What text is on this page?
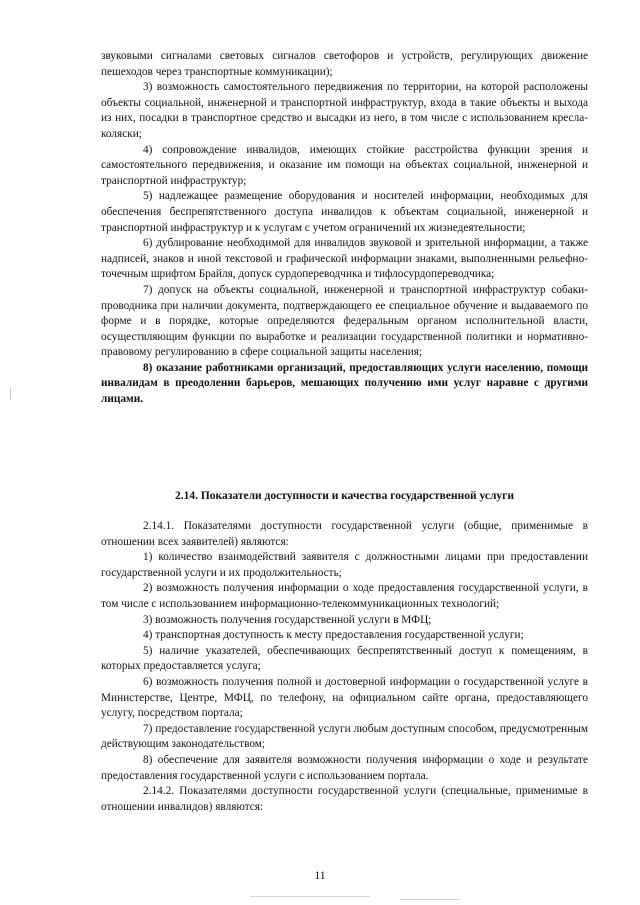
звуковыми сигналами световых сигналов светофоров и устройств, регулирующих движение пешеходов через транспортные коммуникации);

3) возможность самостоятельного передвижения по территории, на которой расположены объекты социальной, инженерной и транспортной инфраструктур, входа в такие объекты и выхода из них, посадки в транспортное средство и высадки из него, в том числе с использованием кресла-коляски;

4) сопровождение инвалидов, имеющих стойкие расстройства функции зрения и самостоятельного передвижения, и оказание им помощи на объектах социальной, инженерной и транспортной инфраструктур;

5) надлежащее размещение оборудования и носителей информации, необходимых для обеспечения беспрепятственного доступа инвалидов к объектам социальной, инженерной и транспортной инфраструктур и к услугам с учетом ограничений их жизнедеятельности;

6) дублирование необходимой для инвалидов звуковой и зрительной информации, а также надписей, знаков и иной текстовой и графической информации знаками, выполненными рельефно-точечным шрифтом Брайля, допуск сурдопереводчика и тифлосурдопереводчика;

7) допуск на объекты социальной, инженерной и транспортной инфраструктур собаки-проводника при наличии документа, подтверждающего ее специальное обучение и выдаваемого по форме и в порядке, которые определяются федеральным органом исполнительной власти, осуществляющим функции по выработке и реализации государственной политики и нормативно-правовому регулированию в сфере социальной защиты населения;

8) оказание работниками организаций, предоставляющих услуги населению, помощи инвалидам в преодолении барьеров, мешающих получению ими услуг наравне с другими лицами.

2.14. Показатели доступности и качества государственной услуги

2.14.1. Показателями доступности государственной услуги (общие, применимые в отношении всех заявителей) являются:

1) количество взаимодействий заявителя с должностными лицами при предоставлении государственной услуги и их продолжительность;

2) возможность получения информации о ходе предоставления государственной услуги, в том числе с использованием информационно-телекоммуникационных технологий;

3) возможность получения государственной услуги в МФЦ;

4) транспортная доступность к месту предоставления государственной услуги;

5) наличие указателей, обеспечивающих беспрепятственный доступ к помещениям, в которых предоставляется услуга;

6) возможность получения полной и достоверной информации о государственной услуге в Министерстве, Центре, МФЦ, по телефону, на официальном сайте органа, предоставляющего услугу, посредством портала;

7) предоставление государственной услуги любым доступным способом, предусмотренным действующим законодательством;

8) обеспечение для заявителя возможности получения информации о ходе и результате предоставления государственной услуги с использованием портала.

2.14.2. Показателями доступности государственной услуги (специальные, применимые в отношении инвалидов) являются:

11
